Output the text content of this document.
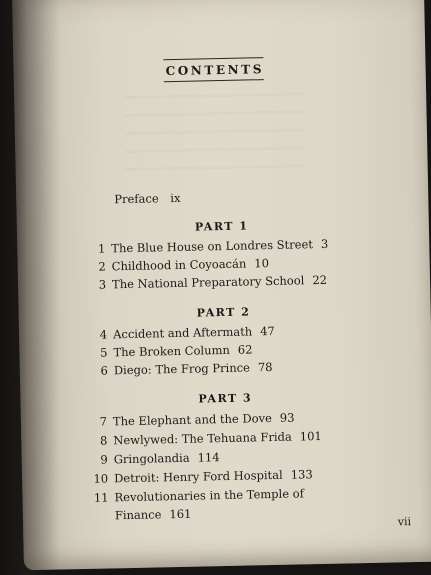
CONTENTS
Preface ix
PART 1
1 The Blue House on Londres Street 3
2 Childhood in Coyoacán 10
3 The National Preparatory School 22
PART 2
4 Accident and Aftermath 47
5 The Broken Column 62
6 Diego: The Frog Prince 78
PART 3
7 The Elephant and the Dove 93
8 Newlywed: The Tehuana Frida 101
9 Gringolandia 114
10 Detroit: Henry Ford Hospital 133
11 Revolutionaries in the Temple of
Finance 161
vii
